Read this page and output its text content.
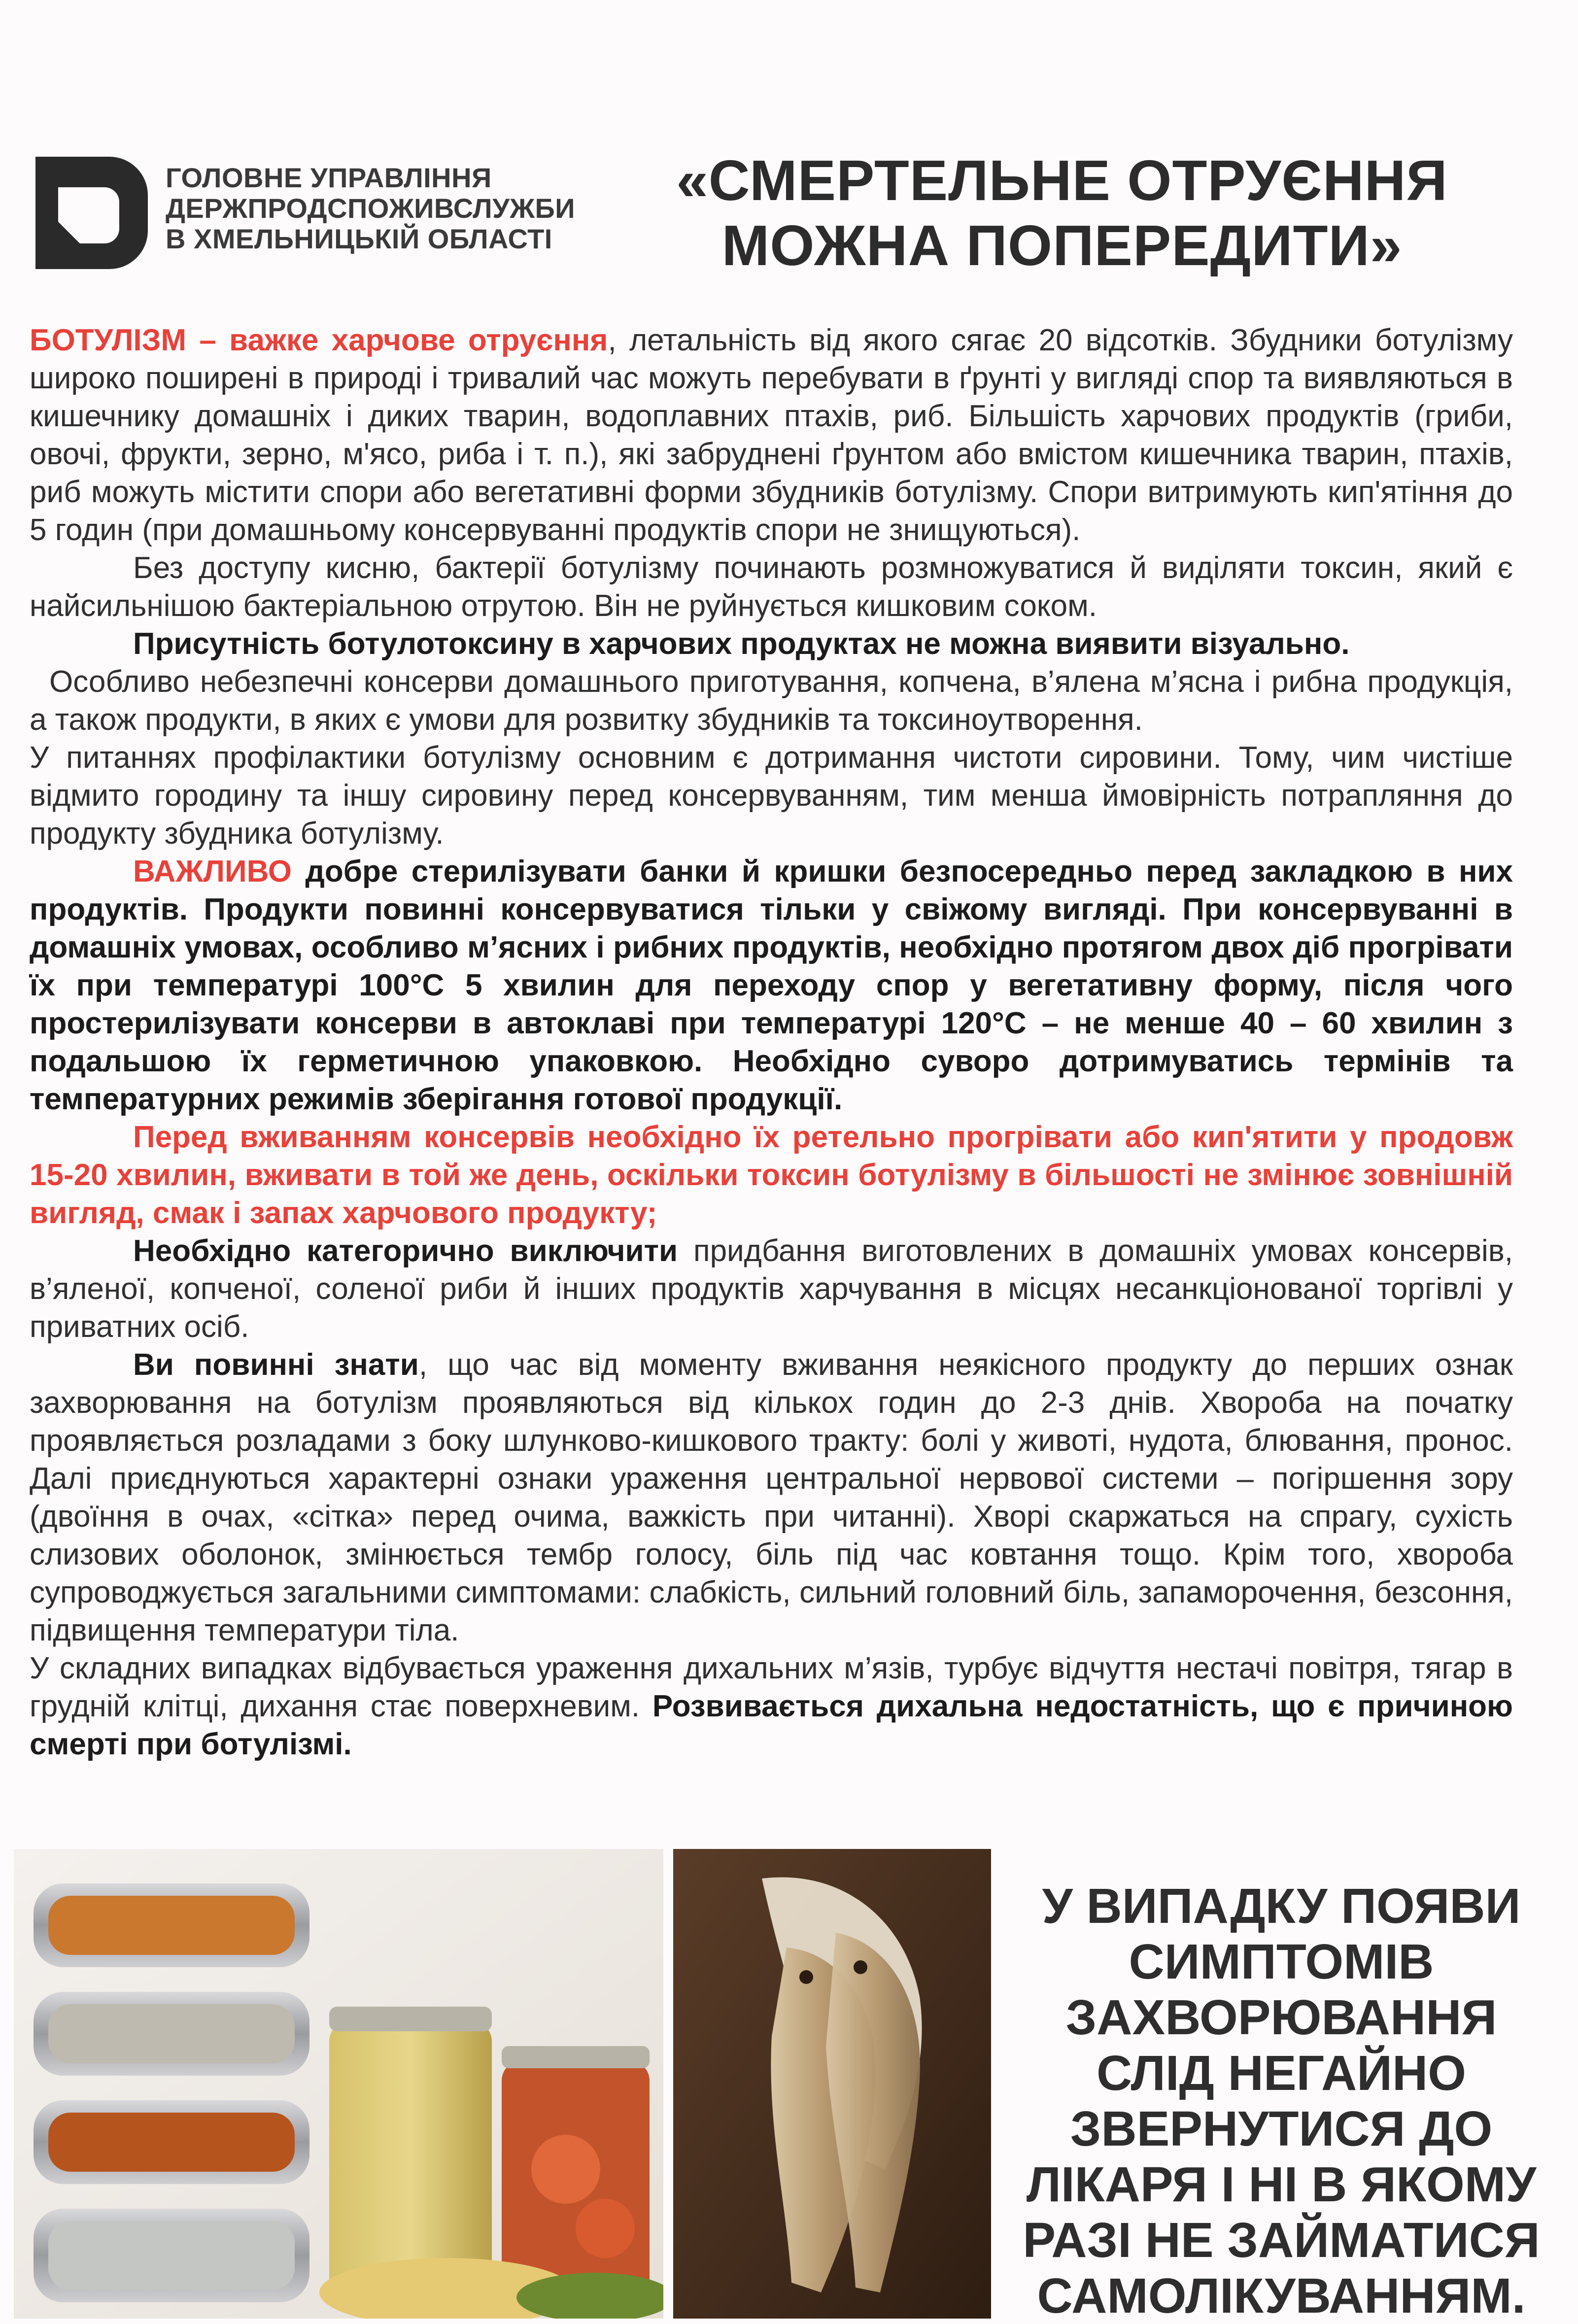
ГОЛОВНЕ УПРАВЛІННЯ
ДЕРЖПРОДСПОЖИВСЛУЖБИ
В ХМЕЛЬНИЦЬКІЙ ОБЛАСТІ
«СМЕРТЕЛЬНЕ ОТРУЄННЯ
МОЖНА ПОПЕРЕДИТИ»

БОТУЛІЗМ – важке харчове отруєння, летальність від якого сягає 20 відсотків. Збудники ботулізму широко поширені в природі і тривалий час можуть перебувати в ґрунті у вигляді спор та виявляються в кишечнику домашніх і диких тварин, водоплавних птахів, риб. Більшість харчових продуктів (гриби, овочі, фрукти, зерно, м'ясо, риба і т. п.), які забруднені ґрунтом або вмістом кишечника тварин, птахів, риб можуть містити спори або вегетативні форми збудників ботулізму. Спори витримують кип'ятіння до 5 годин (при домашньому консервуванні продуктів спори не знищуються).

Без доступу кисню, бактерії ботулізму починають розмножуватися й виділяти токсин, який є найсильнішою бактеріальною отрутою. Він не руйнується кишковим соком.

Присутність ботулотоксину в харчових продуктах не можна виявити візуально.

Особливо небезпечні консерви домашнього приготування, копчена, в’ялена м’ясна і рибна продукція, а також продукти, в яких є умови для розвитку збудників та токсиноутворення.

У питаннях профілактики ботулізму основним є дотримання чистоти сировини. Тому, чим чистіше відмито городину та іншу сировину перед консервуванням, тим менша ймовірність потрапляння до продукту збудника ботулізму.

ВАЖЛИВО добре стерилізувати банки й кришки безпосередньо перед закладкою в них продуктів. Продукти повинні консервуватися тільки у свіжому вигляді. При консервуванні в домашніх умовах, особливо м’ясних і рибних продуктів, необхідно протягом двох діб прогрівати їх при температурі 100°С 5 хвилин для переходу спор у вегетативну форму, після чого простерилізувати консерви в автоклаві при температурі 120°С – не менше 40 – 60 хвилин з подальшою їх герметичною упаковкою. Необхідно суворо дотримуватись термінів та температурних режимів зберігання готової продукції.

Перед вживанням консервів необхідно їх ретельно прогрівати або кип'ятити у продовж 15-20 хвилин, вживати в той же день, оскільки токсин ботулізму в більшості не змінює зовнішній вигляд, смак і запах харчового продукту;

Необхідно категорично виключити придбання виготовлених в домашніх умовах консервів, в’яленої, копченої, соленої риби й інших продуктів харчування в місцях несанкціонованої торгівлі у приватних осіб.

Ви повинні знати, що час від моменту вживання неякісного продукту до перших ознак захворювання на ботулізм проявляються від кількох годин до 2-3 днів. Хвороба на початку проявляється розладами з боку шлунково-кишкового тракту: болі у животі, нудота, блювання, пронос. Далі приєднуються характерні ознаки ураження центральної нервової системи – погіршення зору (двоїння в очах, «сітка» перед очима, важкість при читанні). Хворі скаржаться на спрагу, сухість слизових оболонок, змінюється тембр голосу, біль під час ковтання тощо. Крім того, хвороба супроводжується загальними симптомами: слабкість, сильний головний біль, запаморочення, безсоння, підвищення температури тіла.

У складних випадках відбувається ураження дихальних м’язів, турбує відчуття нестачі повітря, тягар в грудній клітці, дихання стає поверхневим. Розвивається дихальна недостатність, що є причиною смерті при ботулізмі.

У ВИПАДКУ ПОЯВИ
СИМПТОМІВ
ЗАХВОРЮВАННЯ
СЛІД НЕГАЙНО
ЗВЕРНУТИСЯ ДО
ЛІКАРЯ І НІ В ЯКОМУ
РАЗІ НЕ ЗАЙМАТИСЯ
САМОЛІКУВАННЯМ.
